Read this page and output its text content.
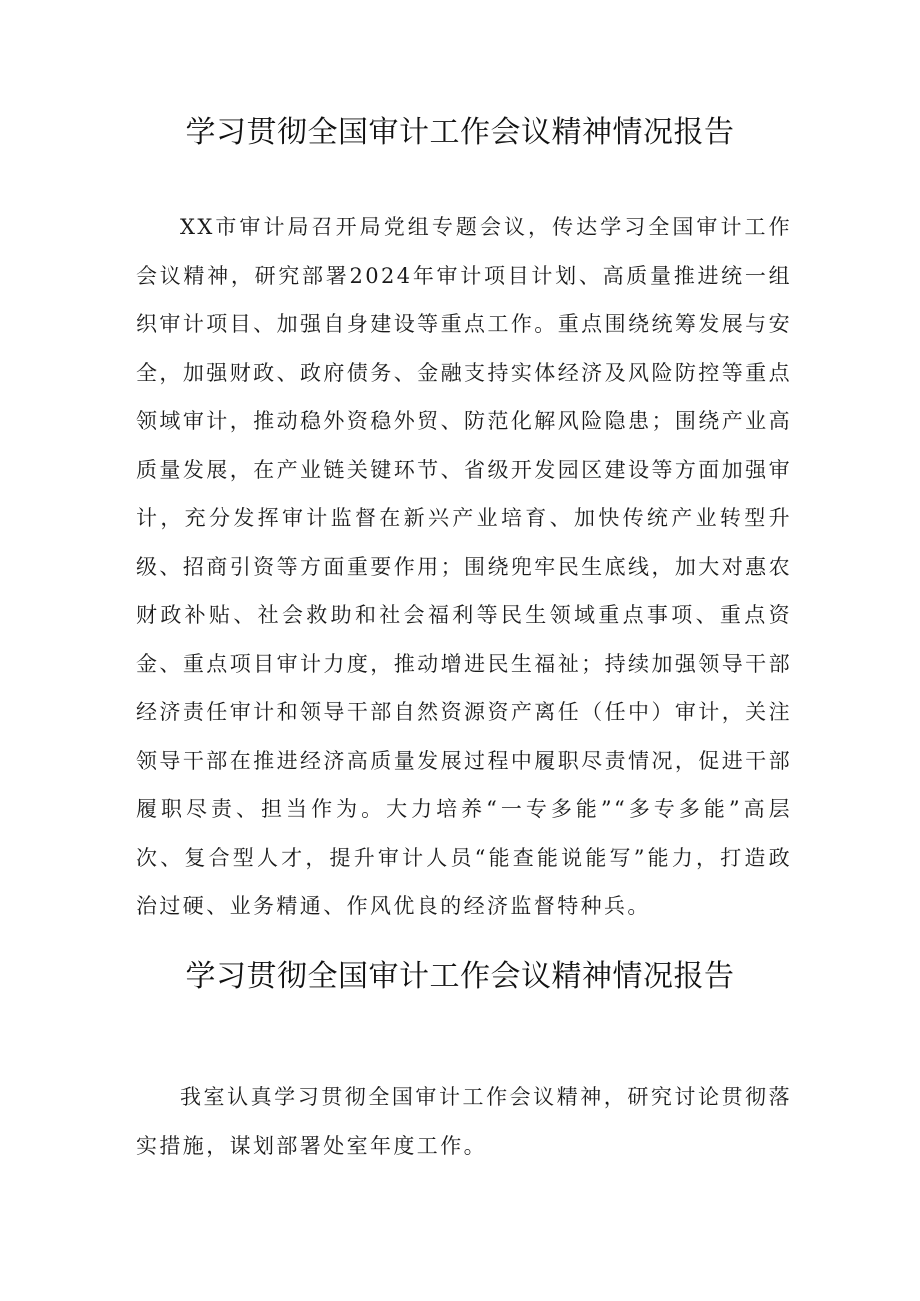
学习贯彻全国审计工作会议精神情况报告

XX市审计局召开局党组专题会议，传达学习全国审计工作会议精神，研究部署2024年审计项目计划、高质量推进统一组织审计项目、加强自身建设等重点工作。重点围绕统筹发展与安全，加强财政、政府债务、金融支持实体经济及风险防控等重点领域审计，推动稳外资稳外贸、防范化解风险隐患；围绕产业高质量发展，在产业链关键环节、省级开发园区建设等方面加强审计，充分发挥审计监督在新兴产业培育、加快传统产业转型升级、招商引资等方面重要作用；围绕兜牢民生底线，加大对惠农财政补贴、社会救助和社会福利等民生领域重点事项、重点资金、重点项目审计力度，推动增进民生福祉；持续加强领导干部经济责任审计和领导干部自然资源资产离任（任中）审计，关注领导干部在推进经济高质量发展过程中履职尽责情况，促进干部履职尽责、担当作为。大力培养“一专多能”“多专多能”高层次、复合型人才，提升审计人员“能查能说能写”能力，打造政治过硬、业务精通、作风优良的经济监督特种兵。

学习贯彻全国审计工作会议精神情况报告

我室认真学习贯彻全国审计工作会议精神，研究讨论贯彻落实措施，谋划部署处室年度工作。
